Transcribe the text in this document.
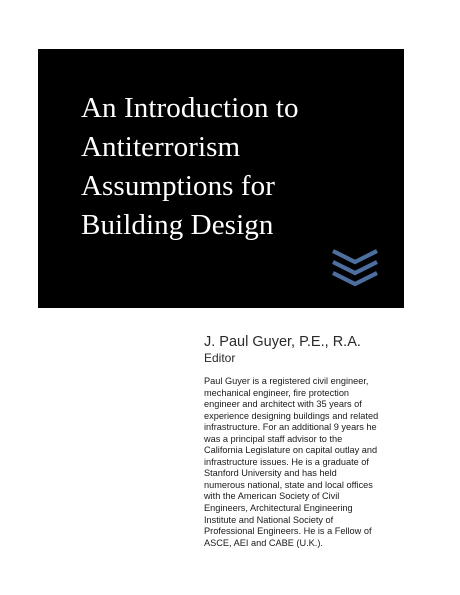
An Introduction to
Antiterrorism
Assumptions for
Building Design

J. Paul Guyer, P.E., R.A.

Editor

Paul Guyer is a registered civil engineer,
mechanical engineer, fire protection
engineer and architect with 35 years of
experience designing buildings and related
infrastructure. For an additional 9 years he
was a principal staff advisor to the
California Legislature on capital outlay and
infrastructure issues. He is a graduate of
Stanford University and has held
numerous national, state and local offices
with the American Society of Civil
Engineers, Architectural Engineering
Institute and National Society of
Professional Engineers. He is a Fellow of
ASCE, AEI and CABE (U.K.).
